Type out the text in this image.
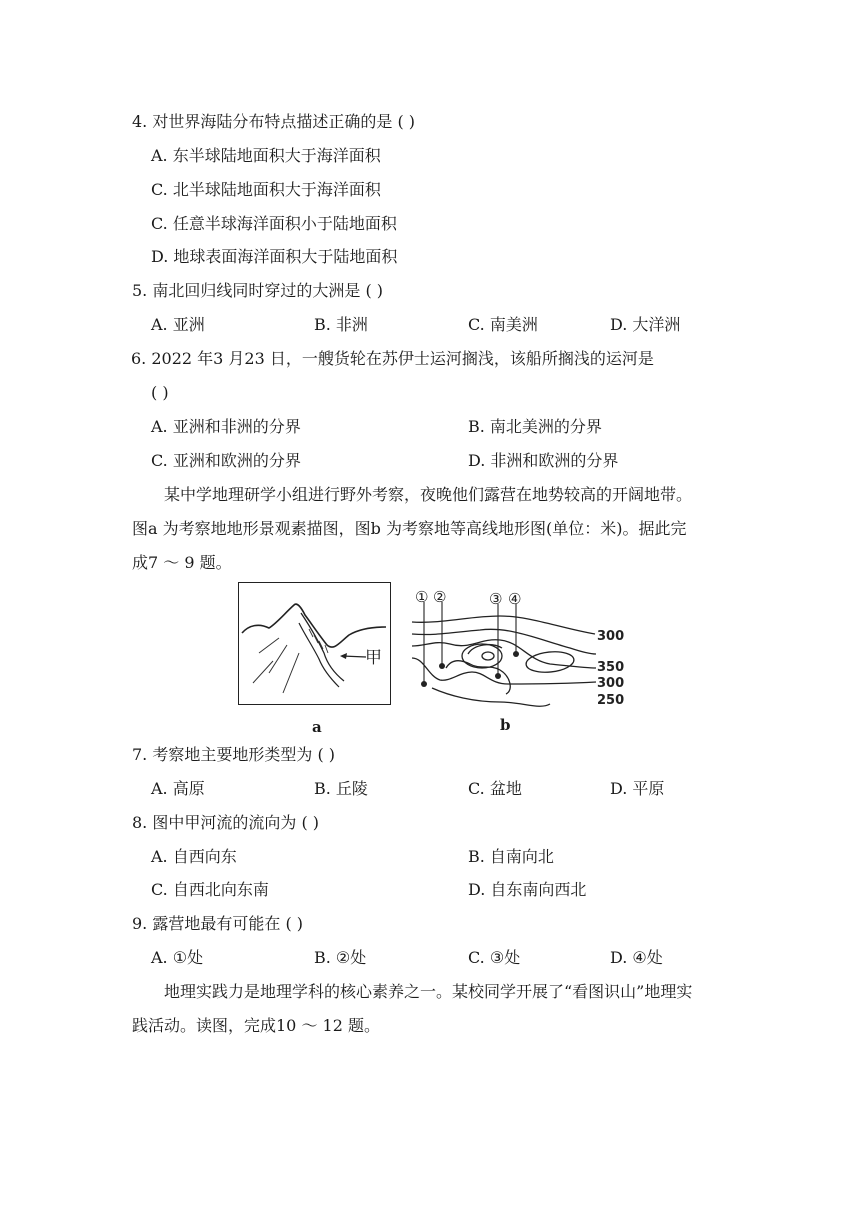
4. 对世界海陆分布特点描述正确的是 ( )
A. 东半球陆地面积大于海洋面积
C. 北半球陆地面积大于海洋面积
C. 任意半球海洋面积小于陆地面积
D. 地球表面海洋面积大于陆地面积
5. 南北回归线同时穿过的大洲是 ( )
A. 亚洲	B. 非洲	C. 南美洲	D. 大洋洲
6. 2022 年3 月23 日，一艘货轮在苏伊士运河搁浅，该船所搁浅的运河是
( )
A. 亚洲和非洲的分界	B. 南北美洲的分界
C. 亚洲和欧洲的分界	D. 非洲和欧洲的分界
某中学地理研学小组进行野外考察，夜晚他们露营在地势较高的开阔地带。
图a 为考察地地形景观素描图，图b 为考察地等高线地形图(单位：米)。据此完
成7 ～ 9 题。
甲
a
① ②	③ ④
300
350
300
250
b
7. 考察地主要地形类型为 ( )
A. 高原	B. 丘陵	C. 盆地	D. 平原
8. 图中甲河流的流向为 ( )
A. 自西向东	B. 自南向北
C. 自西北向东南	D. 自东南向西北
9. 露营地最有可能在 ( )
A. ①处	B. ②处	C. ③处	D. ④处
地理实践力是地理学科的核心素养之一。某校同学开展了“看图识山”地理实
践活动。读图，完成10 ～ 12 题。
